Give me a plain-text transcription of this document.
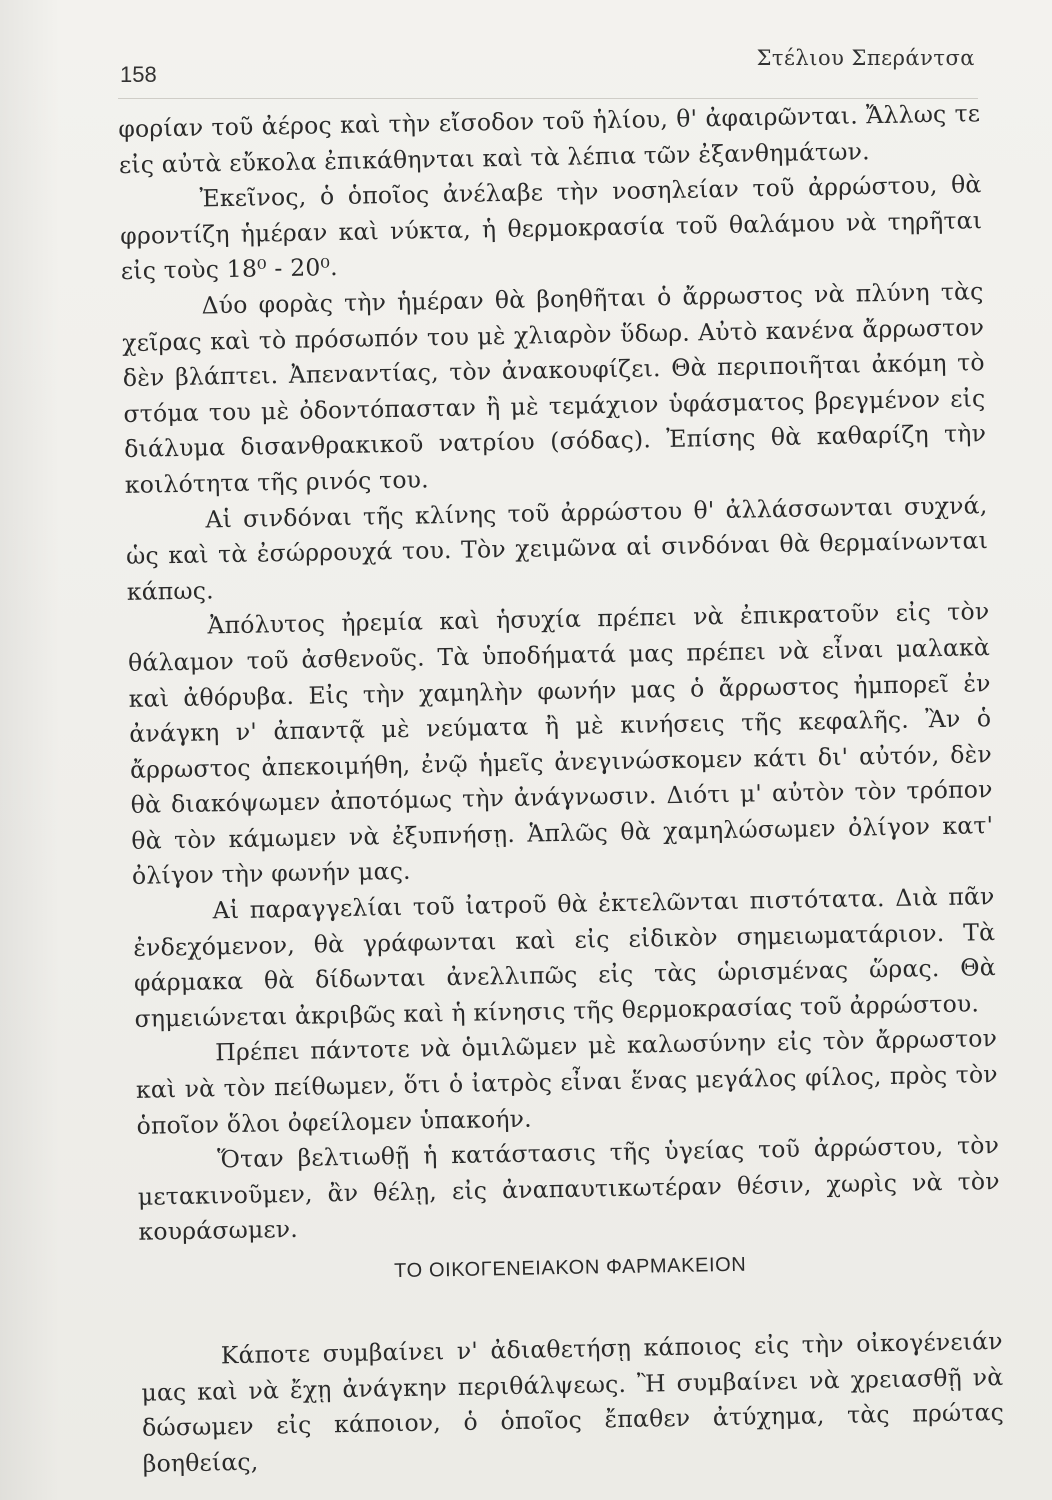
158
Στέλιου Σπεράντσα

φορίαν τοῦ ἀέρος καὶ τὴν εἴσοδον τοῦ ἡλίου, θ' ἀφαιρῶνται. Ἄλλως τε εἰς αὐτὰ εὔκολα ἐπικάθηνται καὶ τὰ λέπια τῶν ἐξανθημάτων.

Ἐκεῖνος, ὁ ὁποῖος ἀνέλαβε τὴν νοσηλείαν τοῦ ἀρρώστου, θὰ φροντίζη ἡμέραν καὶ νύκτα, ἡ θερμοκρασία τοῦ θαλάμου νὰ τηρῆται εἰς τοὺς 18⁰ - 20⁰.

Δύο φορὰς τὴν ἡμέραν θὰ βοηθῆται ὁ ἄρρωστος νὰ πλύνη τὰς χεῖρας καὶ τὸ πρόσωπόν του μὲ χλιαρὸν ὕδωρ. Αὐτὸ κανένα ἄρρωστον δὲν βλάπτει. Ἀπεναντίας, τὸν ἀνακουφίζει. Θὰ περιποιῆται ἀκόμη τὸ στόμα του μὲ ὀδοντόπασταν ἢ μὲ τεμάχιον ὑφάσματος βρεγμένον εἰς διάλυμα δισανθρακικοῦ νατρίου (σόδας). Ἐπίσης θὰ καθαρίζη τὴν κοιλότητα τῆς ρινός του.

Αἱ σινδόναι τῆς κλίνης τοῦ ἀρρώστου θ' ἀλλάσσωνται συχνά, ὡς καὶ τὰ ἐσώρρουχά του. Τὸν χειμῶνα αἱ σινδόναι θὰ θερμαίνωνται κάπως.

Ἀπόλυτος ἠρεμία καὶ ἡσυχία πρέπει νὰ ἐπικρατοῦν εἰς τὸν θάλαμον τοῦ ἀσθενοῦς. Τὰ ὑποδήματά μας πρέπει νὰ εἶναι μαλακὰ καὶ ἀθόρυβα. Εἰς τὴν χαμηλὴν φωνήν μας ὁ ἄρρωστος ἠμπορεῖ ἐν ἀνάγκη ν' ἀπαντᾷ μὲ νεύματα ἢ μὲ κινήσεις τῆς κεφαλῆς. Ἂν ὁ ἄρρωστος ἀπεκοιμήθη, ἐνῷ ἡμεῖς ἀνεγινώσκομεν κάτι δι' αὐτόν, δὲν θὰ διακόψωμεν ἀποτόμως τὴν ἀνάγνωσιν. Διότι μ' αὐτὸν τὸν τρόπον θὰ τὸν κάμωμεν νὰ ἐξυπνήσῃ. Ἁπλῶς θὰ χαμηλώσωμεν ὀλίγον κατ' ὀλίγον τὴν φωνήν μας.

Αἱ παραγγελίαι τοῦ ἰατροῦ θὰ ἐκτελῶνται πιστότατα. Διὰ πᾶν ἐνδεχόμενον, θὰ γράφωνται καὶ εἰς εἰδικὸν σημειωματάριον. Τὰ φάρμακα θὰ δίδωνται ἀνελλιπῶς εἰς τὰς ὡρισμένας ὥρας. Θὰ σημειώνεται ἀκριβῶς καὶ ἡ κίνησις τῆς θερμοκρασίας τοῦ ἀρρώστου.

Πρέπει πάντοτε νὰ ὁμιλῶμεν μὲ καλωσύνην εἰς τὸν ἄρρωστον καὶ νὰ τὸν πείθωμεν, ὅτι ὁ ἰατρὸς εἶναι ἕνας μεγάλος φίλος, πρὸς τὸν ὁποῖον ὅλοι ὀφείλομεν ὑπακοήν.

Ὅταν βελτιωθῇ ἡ κατάστασις τῆς ὑγείας τοῦ ἀρρώστου, τὸν μετακινοῦμεν, ἂν θέλῃ, εἰς ἀναπαυτικωτέραν θέσιν, χωρὶς νὰ τὸν κουράσωμεν.

ΤΟ ΟΙΚΟΓΕΝΕΙΑΚΟΝ ΦΑΡΜΑΚΕΙΟΝ

Κάποτε συμβαίνει ν' ἀδιαθετήσῃ κάποιος εἰς τὴν οἰκογένειάν μας καὶ νὰ ἔχῃ ἀνάγκην περιθάλψεως. Ἢ συμβαίνει νὰ χρειασθῇ νὰ δώσωμεν εἰς κάποιον, ὁ ὁποῖος ἔπαθεν ἀτύχημα, τὰς πρώτας βοηθείας,
